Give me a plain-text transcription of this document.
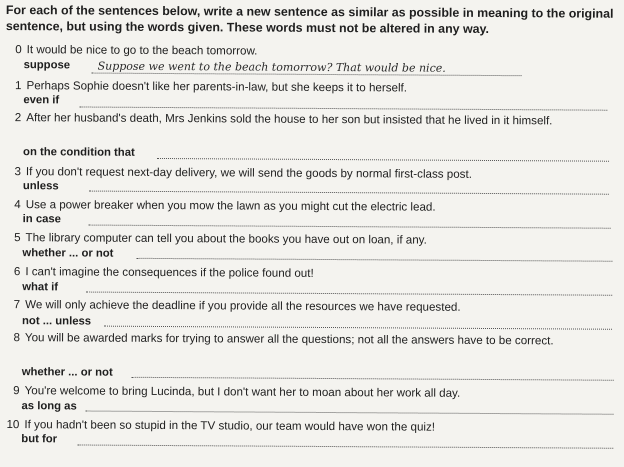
For each of the sentences below, write a new sentence as similar as possible in meaning to the original sentence, but using the words given. These words must not be altered in any way.
0 It would be nice to go to the beach tomorrow.
suppose Suppose we went to the beach tomorrow? That would be nice.
1 Perhaps Sophie doesn't like her parents-in-law, but she keeps it to herself.
even if
2 After her husband's death, Mrs Jenkins sold the house to her son but insisted that he lived in it himself.
on the condition that
3 If you don't request next-day delivery, we will send the goods by normal first-class post.
unless
4 Use a power breaker when you mow the lawn as you might cut the electric lead.
in case
5 The library computer can tell you about the books you have out on loan, if any.
whether ... or not
6 I can't imagine the consequences if the police found out!
what if
7 We will only achieve the deadline if you provide all the resources we have requested.
not ... unless
8 You will be awarded marks for trying to answer all the questions; not all the answers have to be correct.
whether ... or not
9 You're welcome to bring Lucinda, but I don't want her to moan about her work all day.
as long as
10 If you hadn't been so stupid in the TV studio, our team would have won the quiz!
but for
